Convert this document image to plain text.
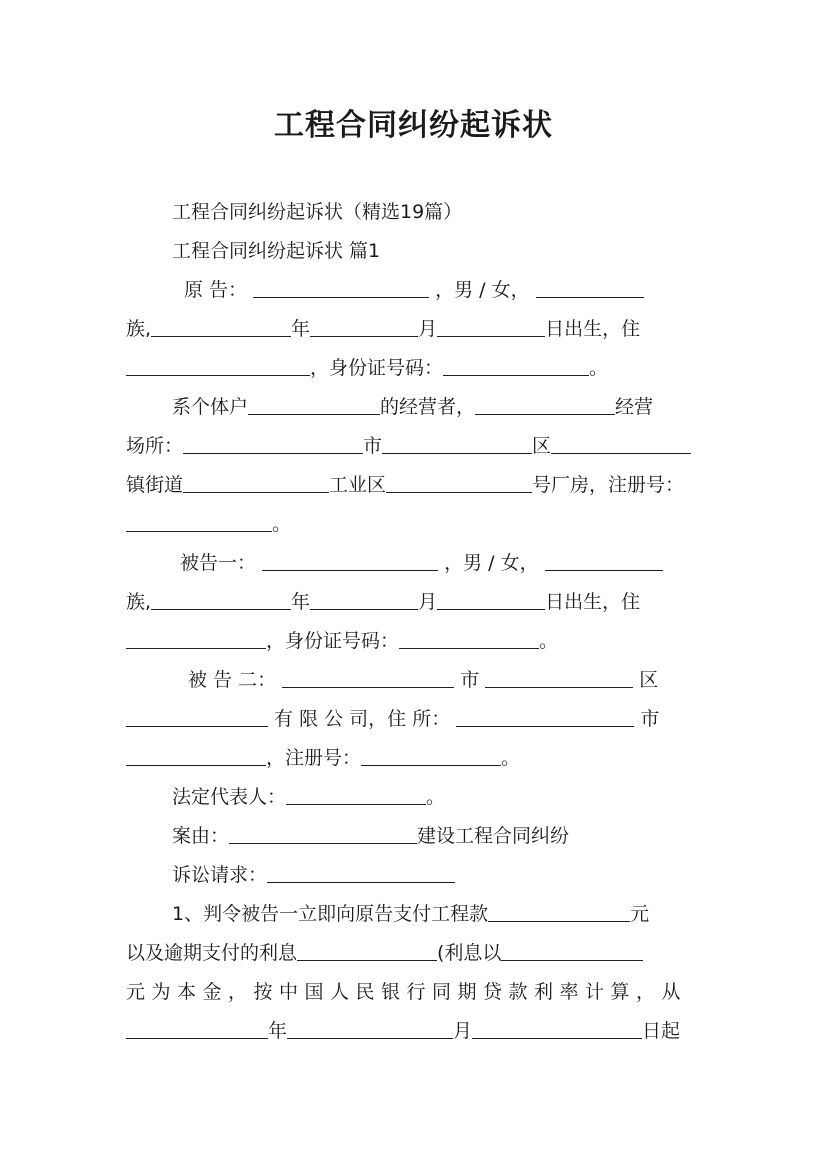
工程合同纠纷起诉状
工程合同纠纷起诉状（精选19篇）
工程合同纠纷起诉状 篇1
原 告：	，男 / 女，
族,	年	月	日出生，住
，身份证号码：	。
系个体户	的经营者，	经营
场所：	市	区
镇街道	工业区	号厂房，注册号：
。
被告一：	，男 / 女，
族,	年	月	日出生，住
，身份证号码：	。
被 告 二：	市	区
有 限 公 司，住 所：	市
，注册号：	。
法定代表人：	。
案由：	建设工程合同纠纷
诉讼请求：
1、判令被告一立即向原告支付工程款	元
以及逾期支付的利息	(利息以
元为本金，按中国人民银行同期贷款利率计算，从
年	月	日起
